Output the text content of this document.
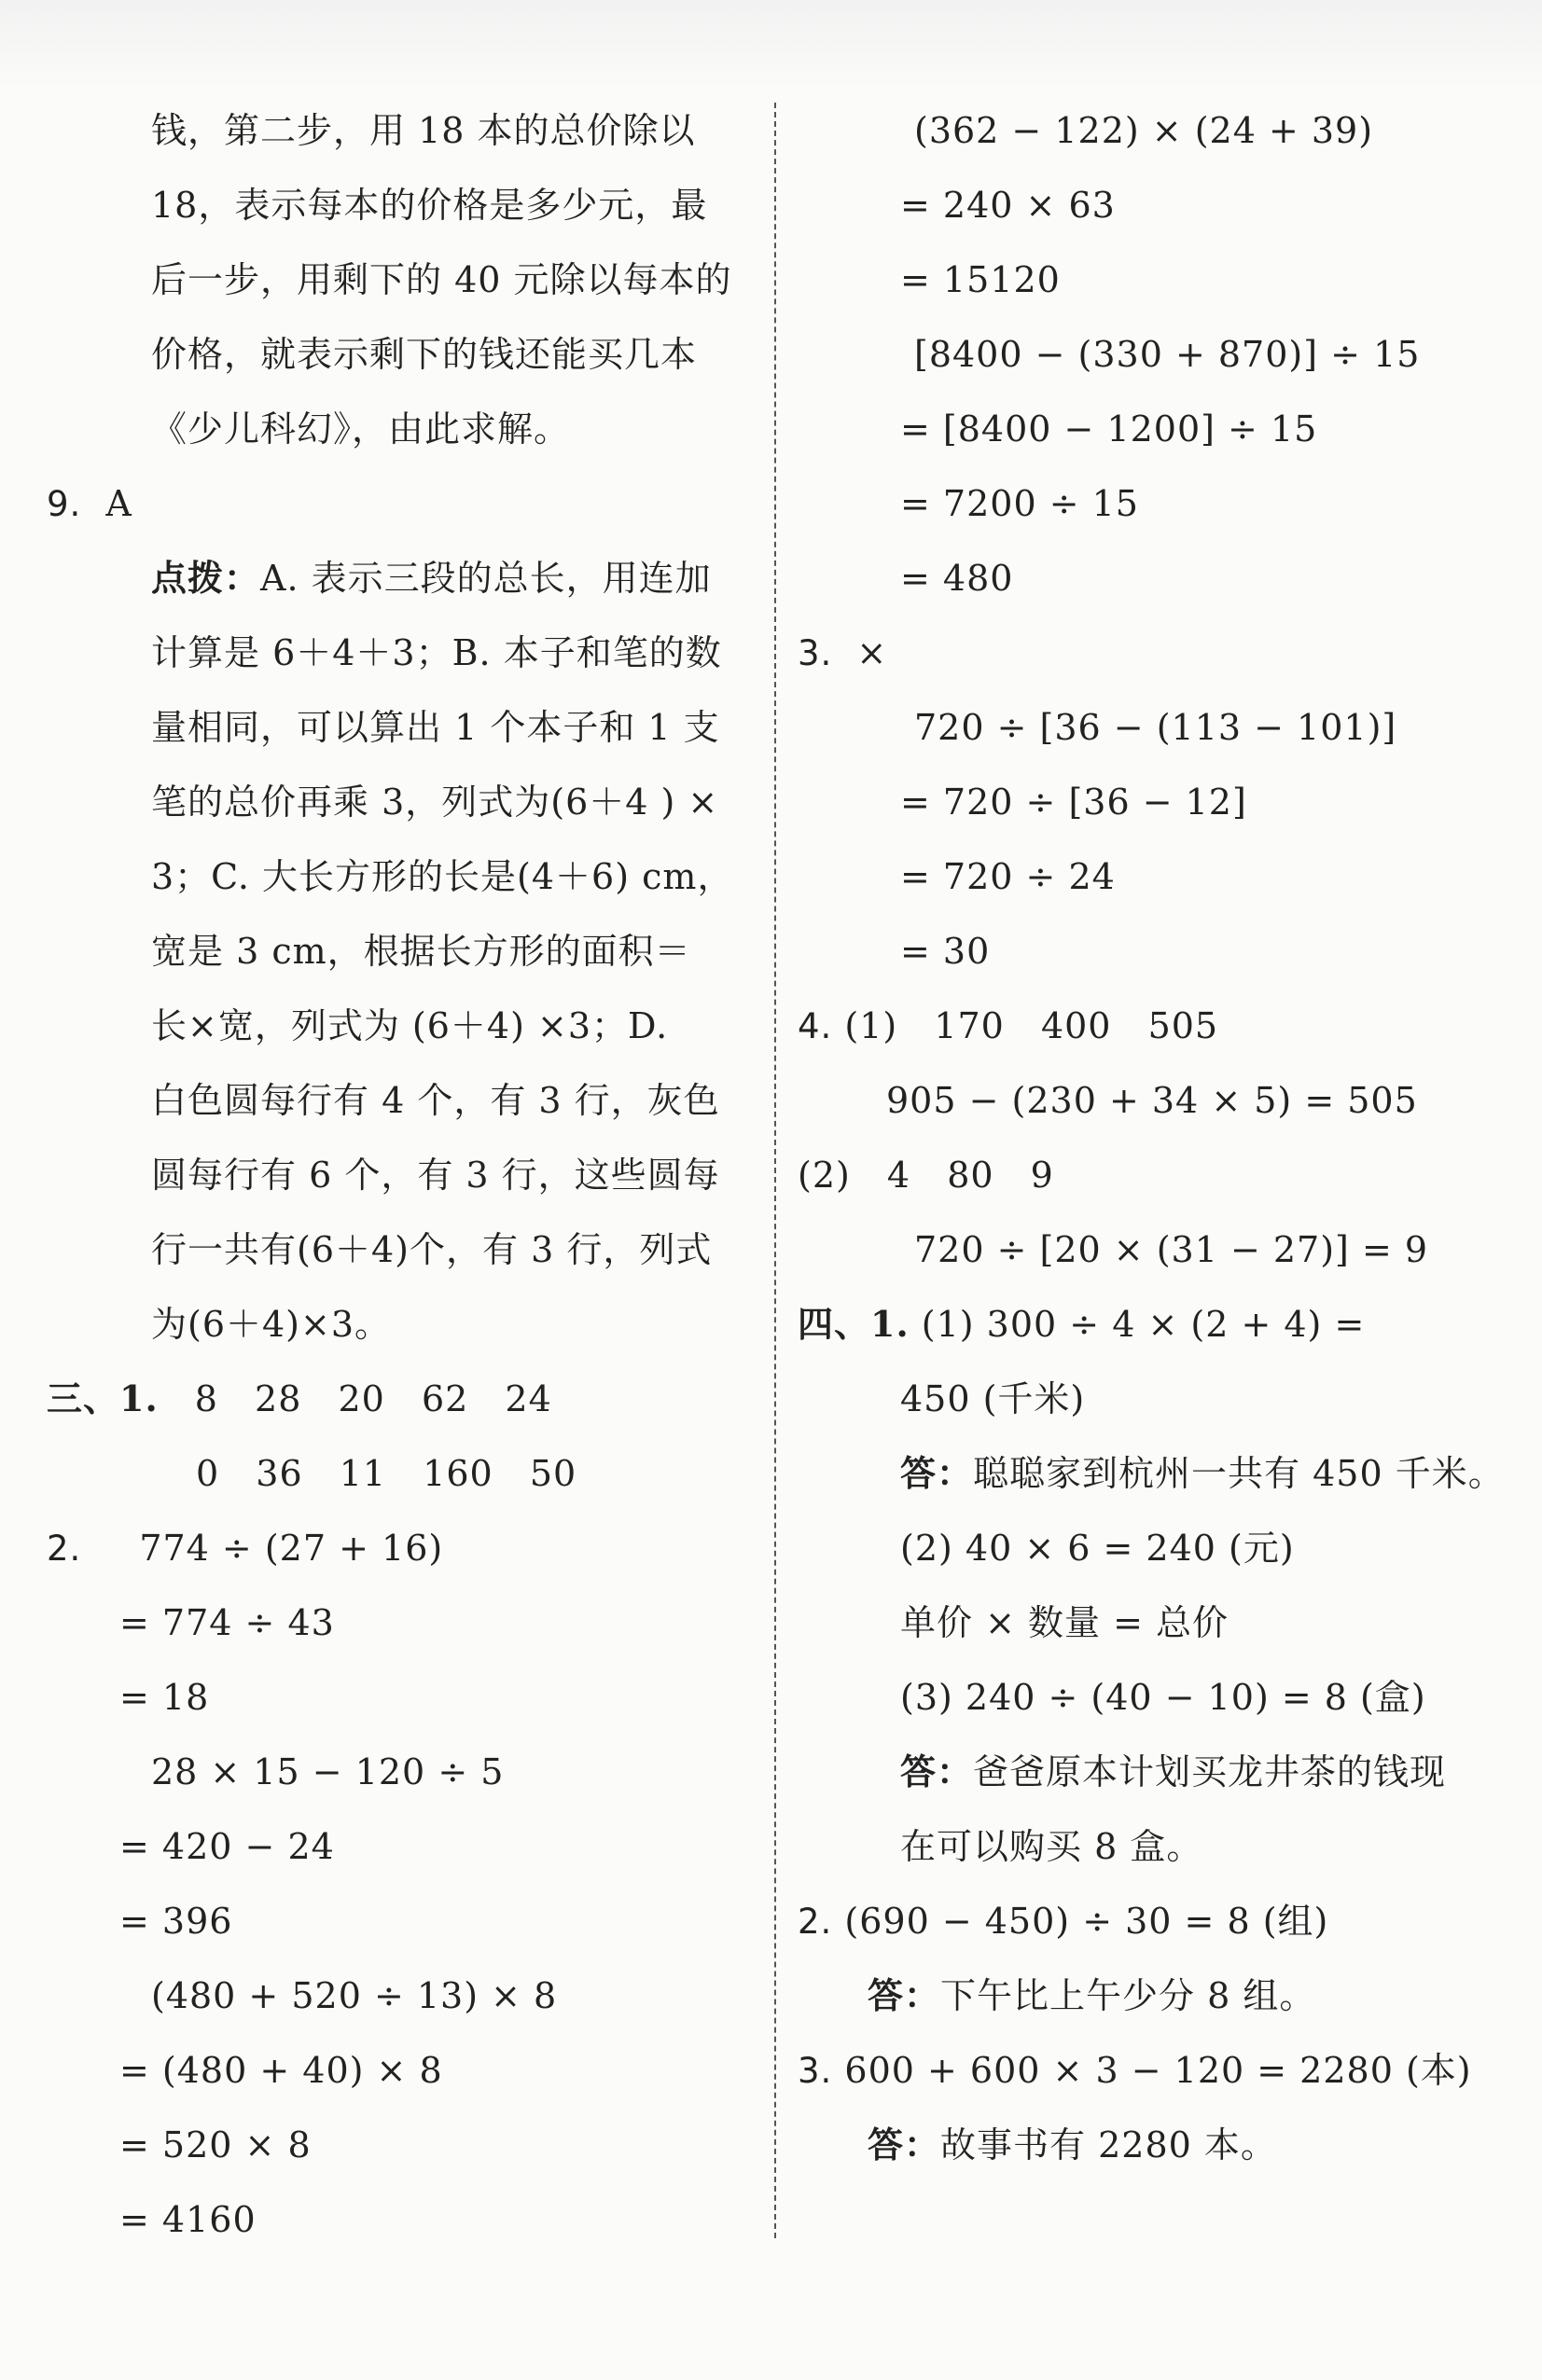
钱，第二步，用 18 本的总价除以
18，表示每本的价格是多少元，最
后一步，用剩下的 40 元除以每本的
价格，就表示剩下的钱还能买几本
《少儿科幻》，由此求解。
9. A
点拨：A. 表示三段的总长，用连加
计算是 6＋4＋3；B. 本子和笔的数
量相同，可以算出 1 个本子和 1 支
笔的总价再乘 3，列式为(6＋4 ) ×
3；C. 大长方形的长是(4＋6) cm，
宽是 3 cm，根据长方形的面积＝
长×宽，列式为 (6＋4) ×3；D.
白色圆每行有 4 个，有 3 行，灰色
圆每行有 6 个，有 3 行，这些圆每
行一共有(6＋4)个，有 3 行，列式
为(6＋4)×3。
三、1. 8 28 20 62 24
0 36 11 160 50
2. 774 ÷ (27 + 16)
= 774 ÷ 43
= 18
28 × 15 − 120 ÷ 5
= 420 − 24
= 396
(480 + 520 ÷ 13) × 8
= (480 + 40) × 8
= 520 × 8
= 4160
(362 − 122) × (24 + 39)
= 240 × 63
= 15120
[8400 − (330 + 870)] ÷ 15
= [8400 − 1200] ÷ 15
= 7200 ÷ 15
= 480
3. ×
720 ÷ [36 − (113 − 101)]
= 720 ÷ [36 − 12]
= 720 ÷ 24
= 30
4. (1) 170 400 505
905 − (230 + 34 × 5) = 505
(2) 4 80 9
720 ÷ [20 × (31 − 27)] = 9
四、1. (1) 300 ÷ 4 × (2 + 4) =
450 (千米)
答：聪聪家到杭州一共有 450 千米。
(2) 40 × 6 = 240 (元)
单价 × 数量 = 总价
(3) 240 ÷ (40 − 10) = 8 (盒)
答：爸爸原本计划买龙井茶的钱现
在可以购买 8 盒。
2. (690 − 450) ÷ 30 = 8 (组)
答：下午比上午少分 8 组。
3. 600 + 600 × 3 − 120 = 2280 (本)
答：故事书有 2280 本。
